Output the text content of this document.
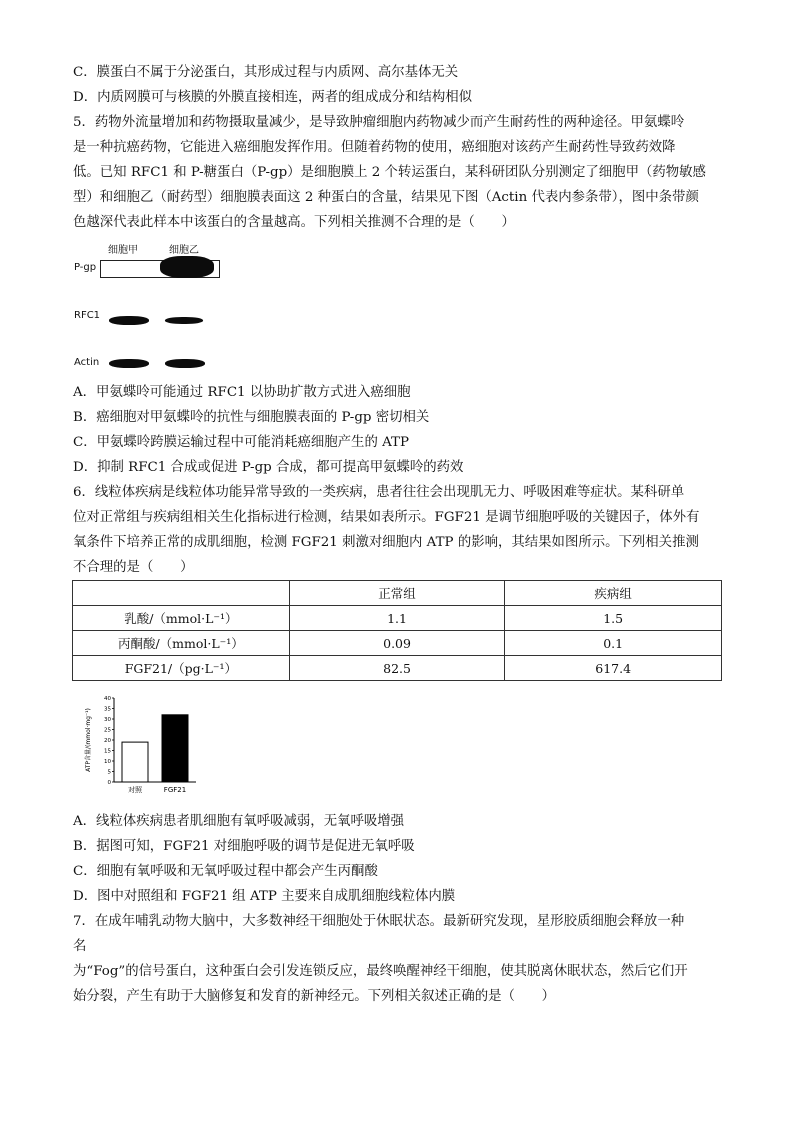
C．膜蛋白不属于分泌蛋白，其形成过程与内质网、高尔基体无关
D．内质网膜可与核膜的外膜直接相连，两者的组成成分和结构相似
5．药物外流量增加和药物摄取量减少，是导致肿瘤细胞内药物减少而产生耐药性的两种途径。甲氨蝶呤
是一种抗癌药物，它能进入癌细胞发挥作用。但随着药物的使用，癌细胞对该药产生耐药性导致药效降
低。已知 RFC1 和 P-糖蛋白（P-gp）是细胞膜上 2 个转运蛋白，某科研团队分别测定了细胞甲（药物敏感
型）和细胞乙（耐药型）细胞膜表面这 2 种蛋白的含量，结果见下图（Actin 代表内参条带），图中条带颜
色越深代表此样本中该蛋白的含量越高。下列相关推测不合理的是（　　）
细胞甲	细胞乙
P-gp
RFC1
Actin
A．甲氨蝶呤可能通过 RFC1 以协助扩散方式进入癌细胞
B．癌细胞对甲氨蝶呤的抗性与细胞膜表面的 P-gp 密切相关
C．甲氨蝶呤跨膜运输过程中可能消耗癌细胞产生的 ATP
D．抑制 RFC1 合成或促进 P-gp 合成，都可提高甲氨蝶呤的药效
6．线粒体疾病是线粒体功能异常导致的一类疾病，患者往往会出现肌无力、呼吸困难等症状。某科研单
位对正常组与疾病组相关生化指标进行检测，结果如表所示。FGF21 是调节细胞呼吸的关键因子，体外有
氧条件下培养正常的成肌细胞，检测 FGF21 刺激对细胞内 ATP 的影响，其结果如图所示。下列相关推测
不合理的是（　　）
	正常组	疾病组
乳酸/（mmol·L⁻¹）	1.1	1.5
丙酮酸/（mmol·L⁻¹）	0.09	0.1
FGF21/（pg·L⁻¹）	82.5	617.4
0
5
10
15
20
25
30
35
40
ATP含量/(mmol·mg⁻¹)
对照	FGF21
A．线粒体疾病患者肌细胞有氧呼吸减弱，无氧呼吸增强
B．据图可知，FGF21 对细胞呼吸的调节是促进无氧呼吸
C．细胞有氧呼吸和无氧呼吸过程中都会产生丙酮酸
D．图中对照组和 FGF21 组 ATP 主要来自成肌细胞线粒体内膜
7．在成年哺乳动物大脑中，大多数神经干细胞处于休眠状态。最新研究发现，星形胶质细胞会释放一种
名
为“Fog”的信号蛋白，这种蛋白会引发连锁反应，最终唤醒神经干细胞，使其脱离休眠状态，然后它们开
始分裂，产生有助于大脑修复和发育的新神经元。下列相关叙述正确的是（　　）
